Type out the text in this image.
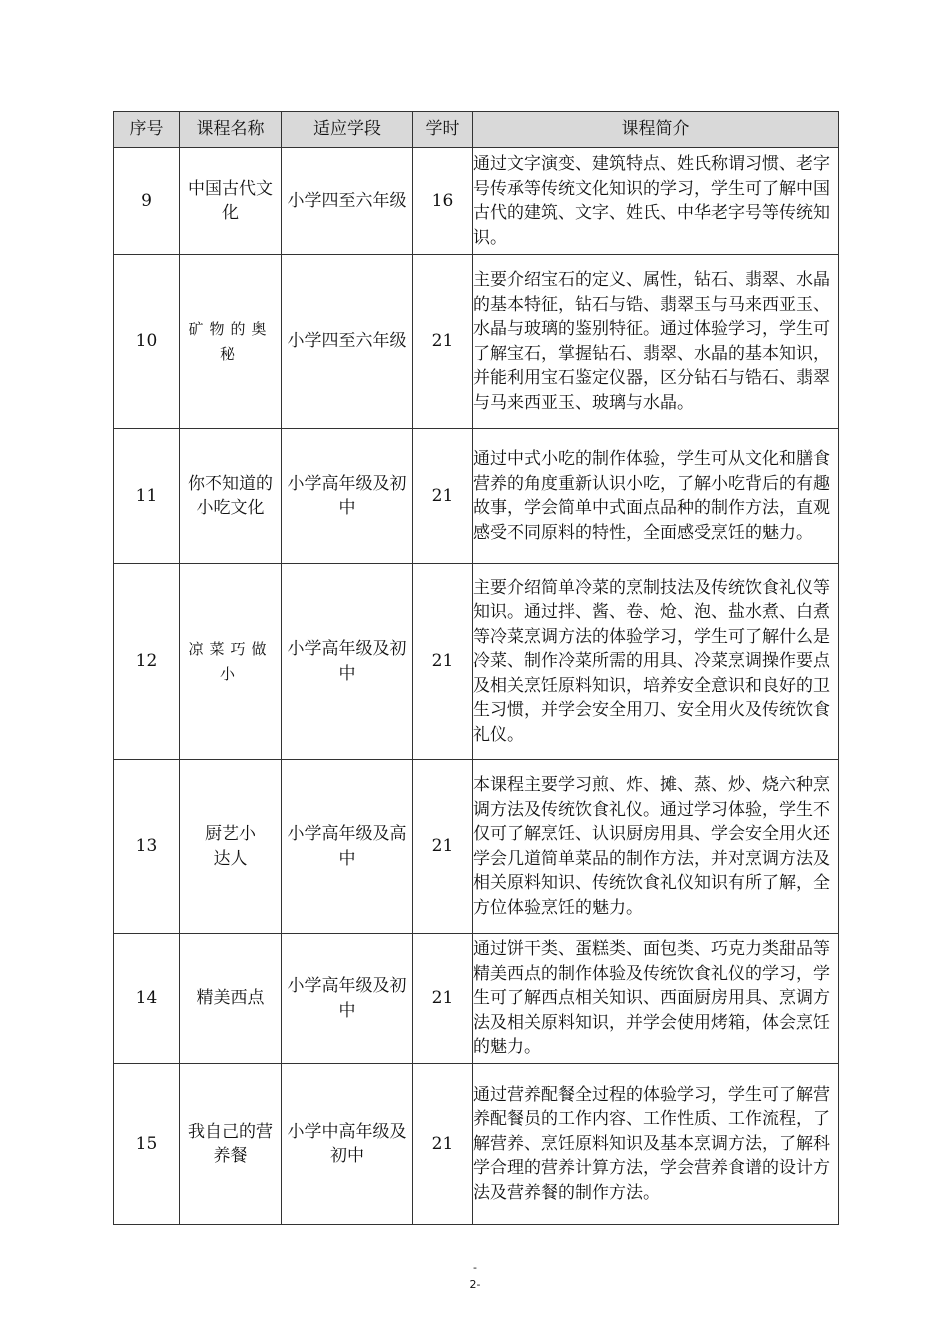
序号	课程名称	适应学段	学时	课程简介
9	中国古代文化	小学四至六年级	16	通过文字演变、建筑特点、姓氏称谓习惯、老字号传承等传统文化知识的学习，学生可了解中国古代的建筑、文字、姓氏、中华老字号等传统知识。
10	矿物的奥秘	小学四至六年级	21	主要介绍宝石的定义、属性，钻石、翡翠、水晶的基本特征，钻石与锆、翡翠玉与马来西亚玉、水晶与玻璃的鉴别特征。通过体验学习，学生可了解宝石，掌握钻石、翡翠、水晶的基本知识，并能利用宝石鉴定仪器，区分钻石与锆石、翡翠与马来西亚玉、玻璃与水晶。
11	你不知道的小吃文化	小学高年级及初中	21	通过中式小吃的制作体验，学生可从文化和膳食营养的角度重新认识小吃，了解小吃背后的有趣故事，学会简单中式面点品种的制作方法，直观感受不同原料的特性，全面感受烹饪的魅力。
12	凉菜巧做小	小学高年级及初中	21	主要介绍简单冷菜的烹制技法及传统饮食礼仪等知识。通过拌、酱、卷、炝、泡、盐水煮、白煮等冷菜烹调方法的体验学习，学生可了解什么是冷菜、制作冷菜所需的用具、冷菜烹调操作要点及相关烹饪原料知识，培养安全意识和良好的卫生习惯，并学会安全用刀、安全用火及传统饮食礼仪。
13	厨艺小达人	小学高年级及高中	21	本课程主要学习煎、炸、摊、蒸、炒、烧六种烹调方法及传统饮食礼仪。通过学习体验，学生不仅可了解烹饪、认识厨房用具、学会安全用火还学会几道简单菜品的制作方法，并对烹调方法及相关原料知识、传统饮食礼仪知识有所了解，全方位体验烹饪的魅力。
14	精美西点	小学高年级及初中	21	通过饼干类、蛋糕类、面包类、巧克力类甜品等精美西点的制作体验及传统饮食礼仪的学习，学生可了解西点相关知识、西面厨房用具、烹调方法及相关原料知识，并学会使用烤箱，体会烹饪的魅力。
15	我自己的营养餐	小学中高年级及初中	21	通过营养配餐全过程的体验学习，学生可了解营养配餐员的工作内容、工作性质、工作流程，了解营养、烹饪原料知识及基本烹调方法，了解科学合理的营养计算方法，学会营养食谱的设计方法及营养餐的制作方法。
-
2-
